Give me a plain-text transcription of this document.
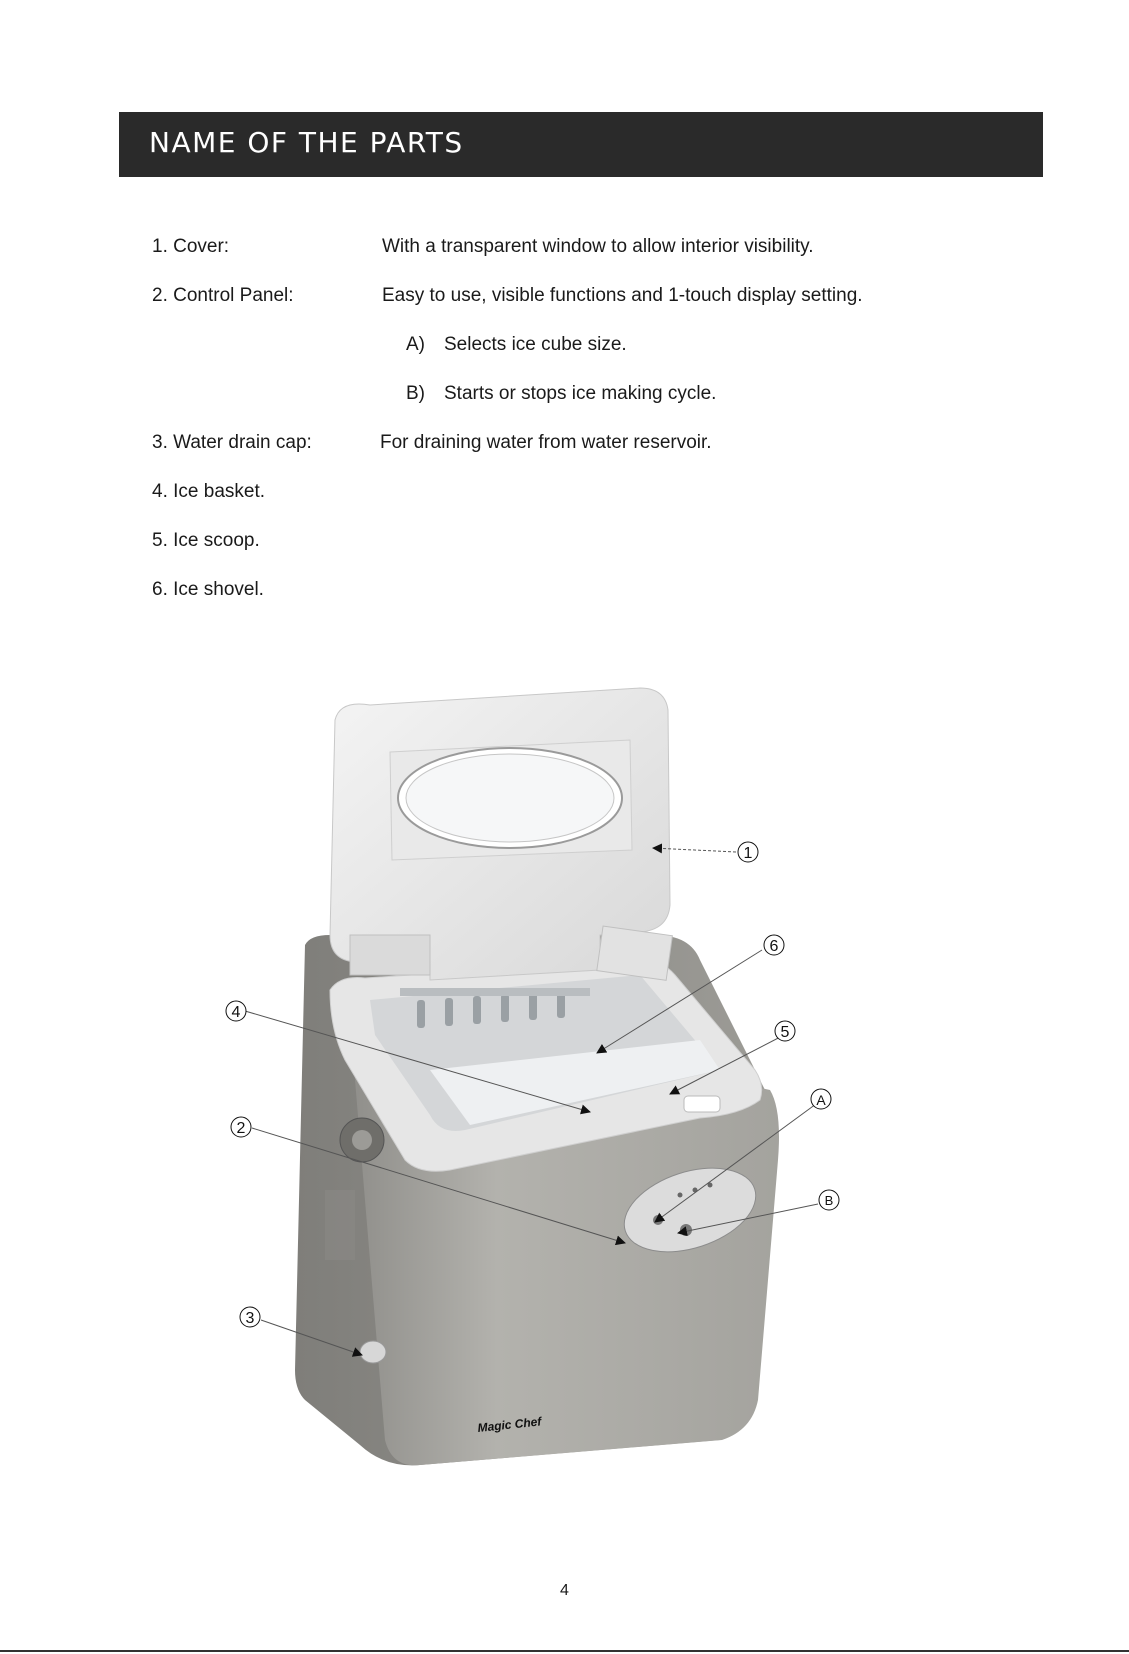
NAME OF THE PARTS
1. Cover:	With a transparent window to allow interior visibility.
2. Control Panel:	Easy to use, visible functions and 1-touch display setting.
A) Selects ice cube size.
B) Starts or stops ice making cycle.
3. Water drain cap:	For draining water from water reservoir.
4. Ice basket.
5. Ice scoop.
6. Ice shovel.
Magic Chef
1
6
5
4
A
2
B
3
4
